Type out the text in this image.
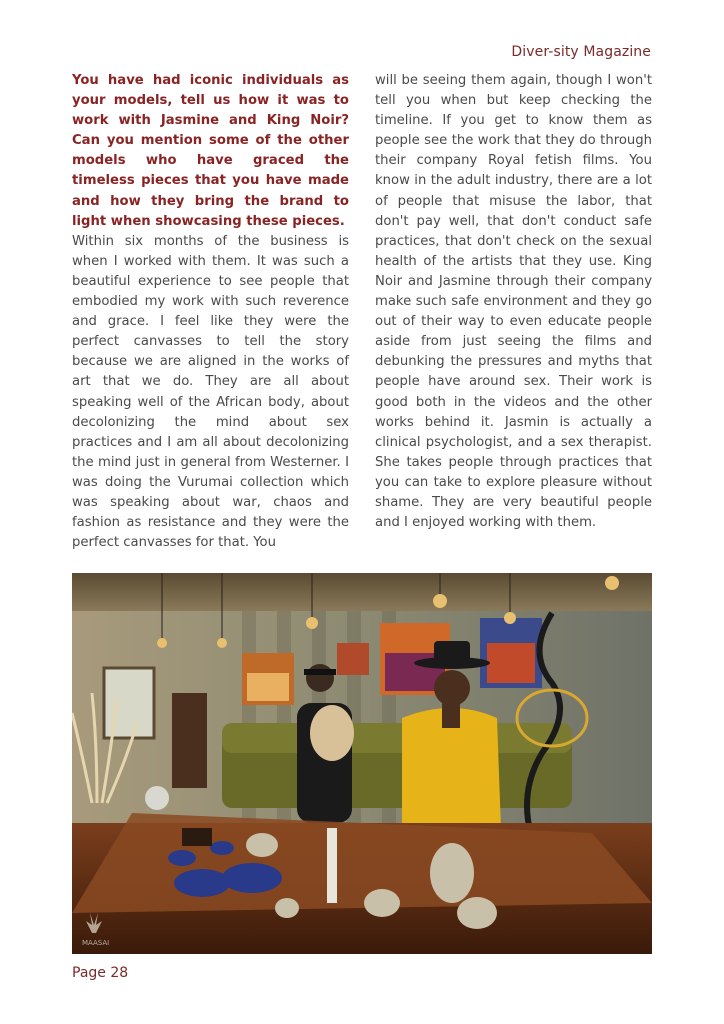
Diver-sity Magazine

You have had iconic individuals as your models, tell us how it was to work with Jasmine and King Noir? Can you mention some of the other models who have graced the timeless pieces that you have made and how they bring the brand to light when showcasing these pieces.

Within six months of the business is when I worked with them. It was such a beautiful experience to see people that embodied my work with such reverence and grace. I feel like they were the perfect canvasses to tell the story because we are aligned in the works of art that we do. They are all about speaking well of the African body, about decolonizing the mind about sex practices and I am all about decolonizing the mind just in general from Westerner. I was doing the Vurumai collection which was speaking about war, chaos and fashion as resistance and they were the perfect canvasses for that. You

will be seeing them again, though I won't tell you when but keep checking the timeline. If you get to know them as people see the work that they do through their company Royal fetish films. You know in the adult industry, there are a lot of people that misuse the labor, that don't pay well, that don't conduct safe practices, that don't check on the sexual health of the artists that they use. King Noir and Jasmine through their company make such safe environment and they go out of their way to even educate people aside from just seeing the films and debunking the pressures and myths that people have around sex. Their work is good both in the videos and the other works behind it. Jasmin is actually a clinical psychologist, and a sex therapist. She takes people through practices that you can take to explore pleasure without shame. They are very beautiful people and I enjoyed working with them.

MAASAI
Page 28
